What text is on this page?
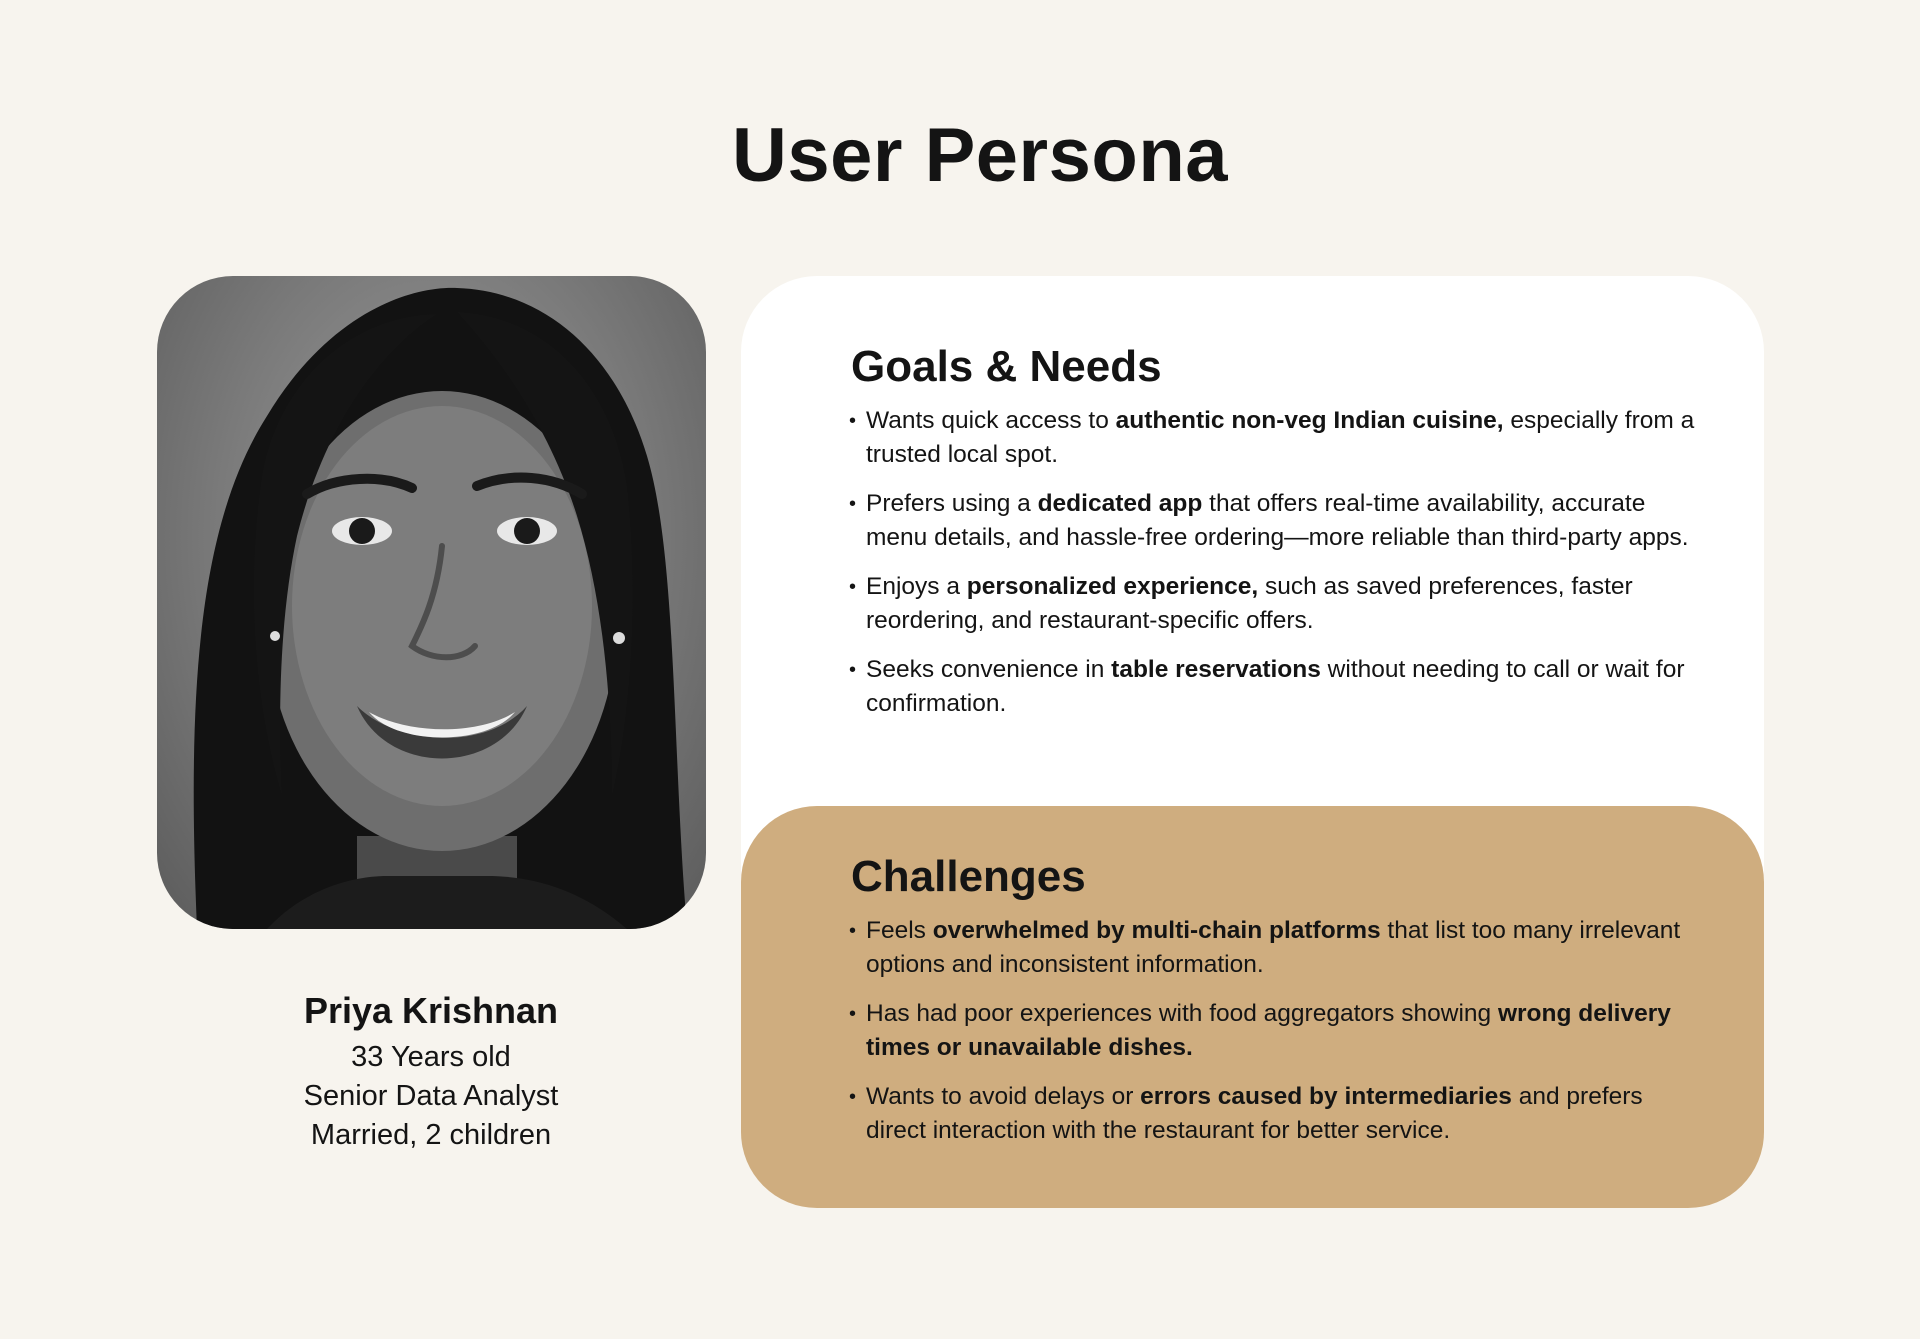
User Persona
Priya Krishnan
33 Years old
Senior Data Analyst
Married, 2 children
Goals & Needs
• Wants quick access to authentic non-veg Indian cuisine, especially from a trusted local spot.
• Prefers using a dedicated app that offers real-time availability, accurate menu details, and hassle-free ordering—more reliable than third-party apps.
• Enjoys a personalized experience, such as saved preferences, faster reordering, and restaurant-specific offers.
• Seeks convenience in table reservations without needing to call or wait for confirmation.
Challenges
• Feels overwhelmed by multi-chain platforms that list too many irrelevant options and inconsistent information.
• Has had poor experiences with food aggregators showing wrong delivery times or unavailable dishes.
• Wants to avoid delays or errors caused by intermediaries and prefers direct interaction with the restaurant for better service.
